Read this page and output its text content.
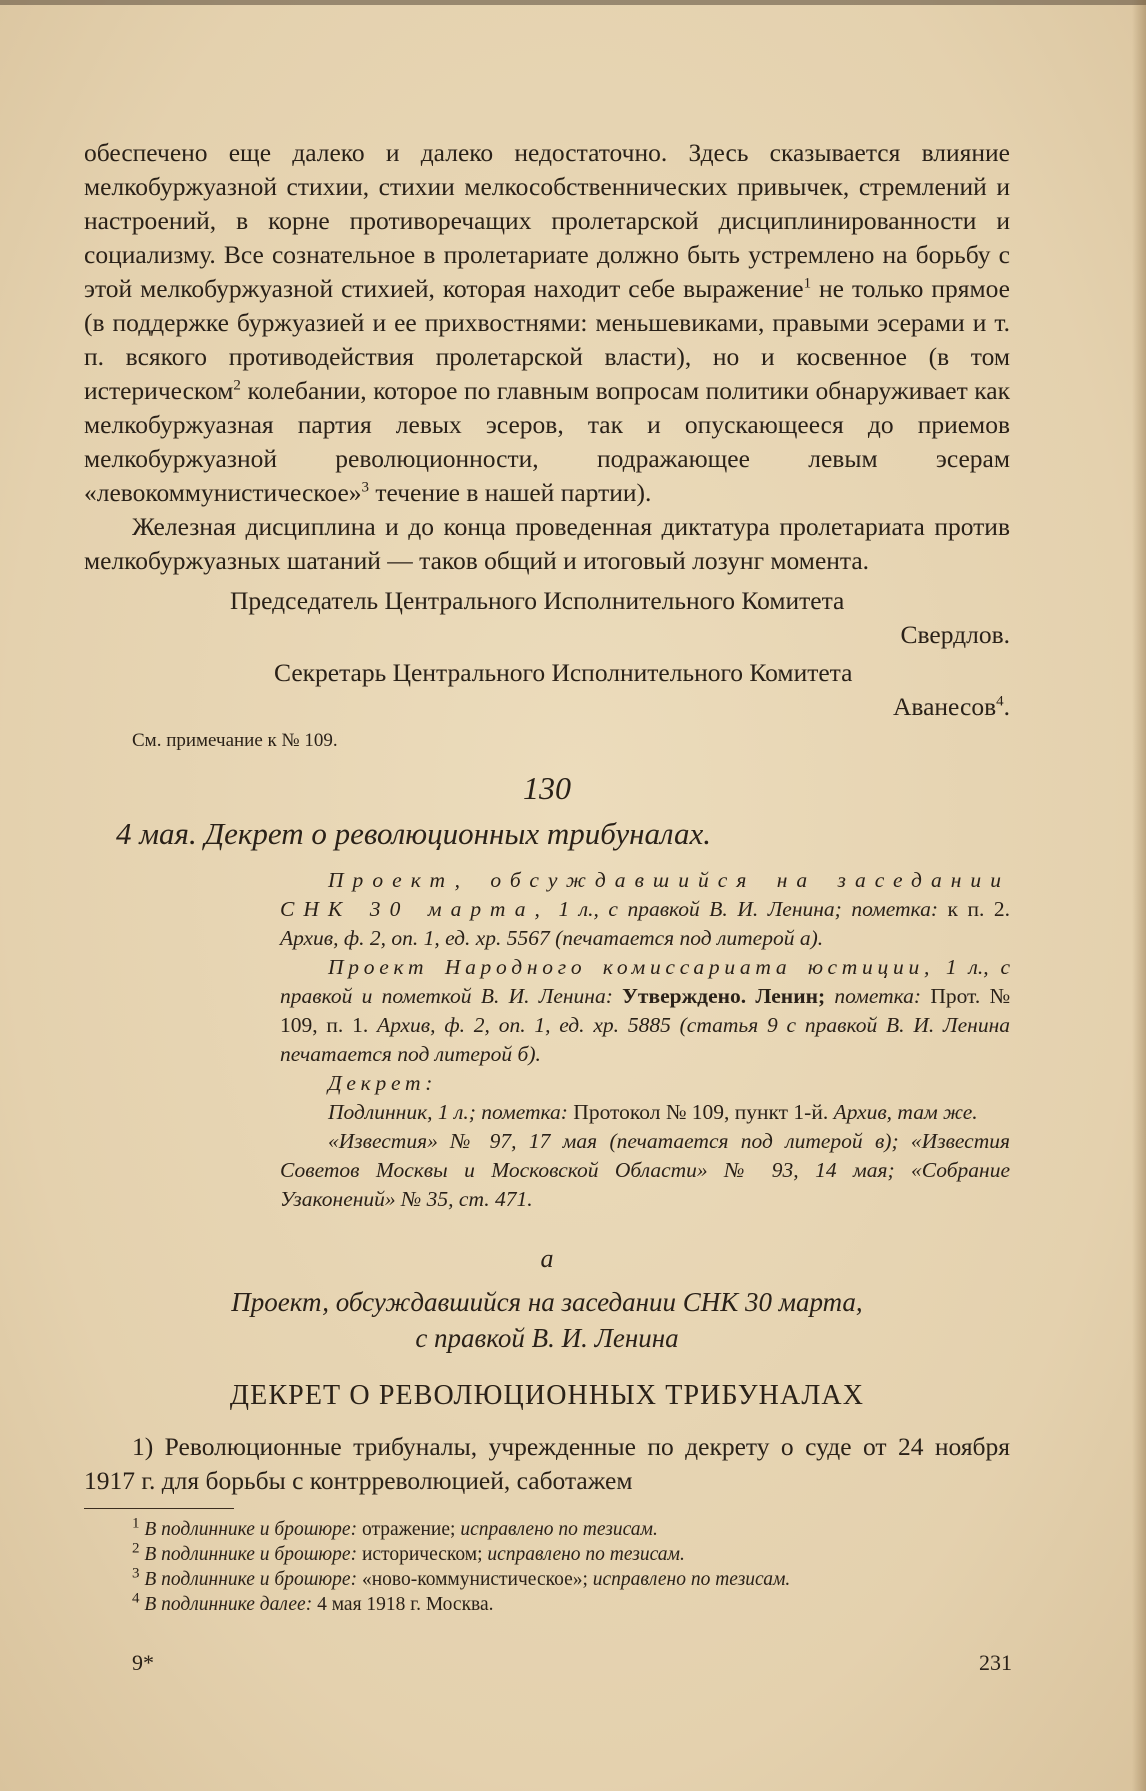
обеспечено еще далеко и далеко недостаточно. Здесь сказывается влияние мелкобуржуазной стихии, стихии мелкособственнических привычек, стремлений и настроений, в корне противоречащих пролетарской дисциплинированности и социализму. Все сознательное в пролетариате должно быть устремлено на борьбу с этой мелкобуржуазной стихией, которая находит себе выражение$^1$ не только прямое (в поддержке буржуазией и ее прихвостнями: меньшевиками, правыми эсерами и т. п. всякого противодействия пролетарской власти), но и косвенное (в том истерическом$^2$ колебании, которое по главным вопросам политики обнаруживает как мелкобуржуазная партия левых эсеров, так и опускающееся до приемов мелкобуржуазной революционности, подражающее левым эсерам «левокоммунистическое»$^3$ течение в нашей партии).

Железная дисциплина и до конца проведенная диктатура пролетариата против мелкобуржуазных шатаний — таков общий и итоговый лозунг момента.

Председатель Центрального Исполнительного Комитета

Свердлов.

Секретарь Центрального Исполнительного Комитета

Аванесов$^4$.

См. примечание к № 109.

130

4 мая. Декрет о революционных трибуналах.

Проект, обсуждавшийся на заседании СНК 30 марта, 1 л., с правкой В. И. Ленина; пометка: к п. 2. Архив, ф. 2, оп. 1, ед. хр. 5567 (печатается под литерой а).

Проект Народного комиссариата юстиции, 1 л., с правкой и пометкой В. И. Ленина: Утверждено. Ленин; пометка: Прот. № 109, п. 1. Архив, ф. 2, оп. 1, ед. хр. 5885 (статья 9 с правкой В. И. Ленина печатается под литерой б).

Декрет:

Подлинник, 1 л.; пометка: Протокол № 109, пункт 1-й. Архив, там же.

«Известия» № 97, 17 мая (печатается под литерой в); «Известия Советов Москвы и Московской Области» № 93, 14 мая; «Собрание Узаконений» № 35, ст. 471.

а

Проект, обсуждавшийся на заседании СНК 30 марта,
с правкой В. И. Ленина

ДЕКРЕТ О РЕВОЛЮЦИОННЫХ ТРИБУНАЛАХ

1) Революционные трибуналы, учрежденные по декрету о суде от 24 ноября 1917 г. для борьбы с контрреволюцией, саботажем

$^1$ В подлиннике и брошюре: отражение; исправлено по тезисам.

$^2$ В подлиннике и брошюре: историческом; исправлено по тезисам.

$^3$ В подлиннике и брошюре: «ново-коммунистическое»; исправлено по тезисам.

$^4$ В подлиннике далее: 4 мая 1918 г. Москва.

9*	231
